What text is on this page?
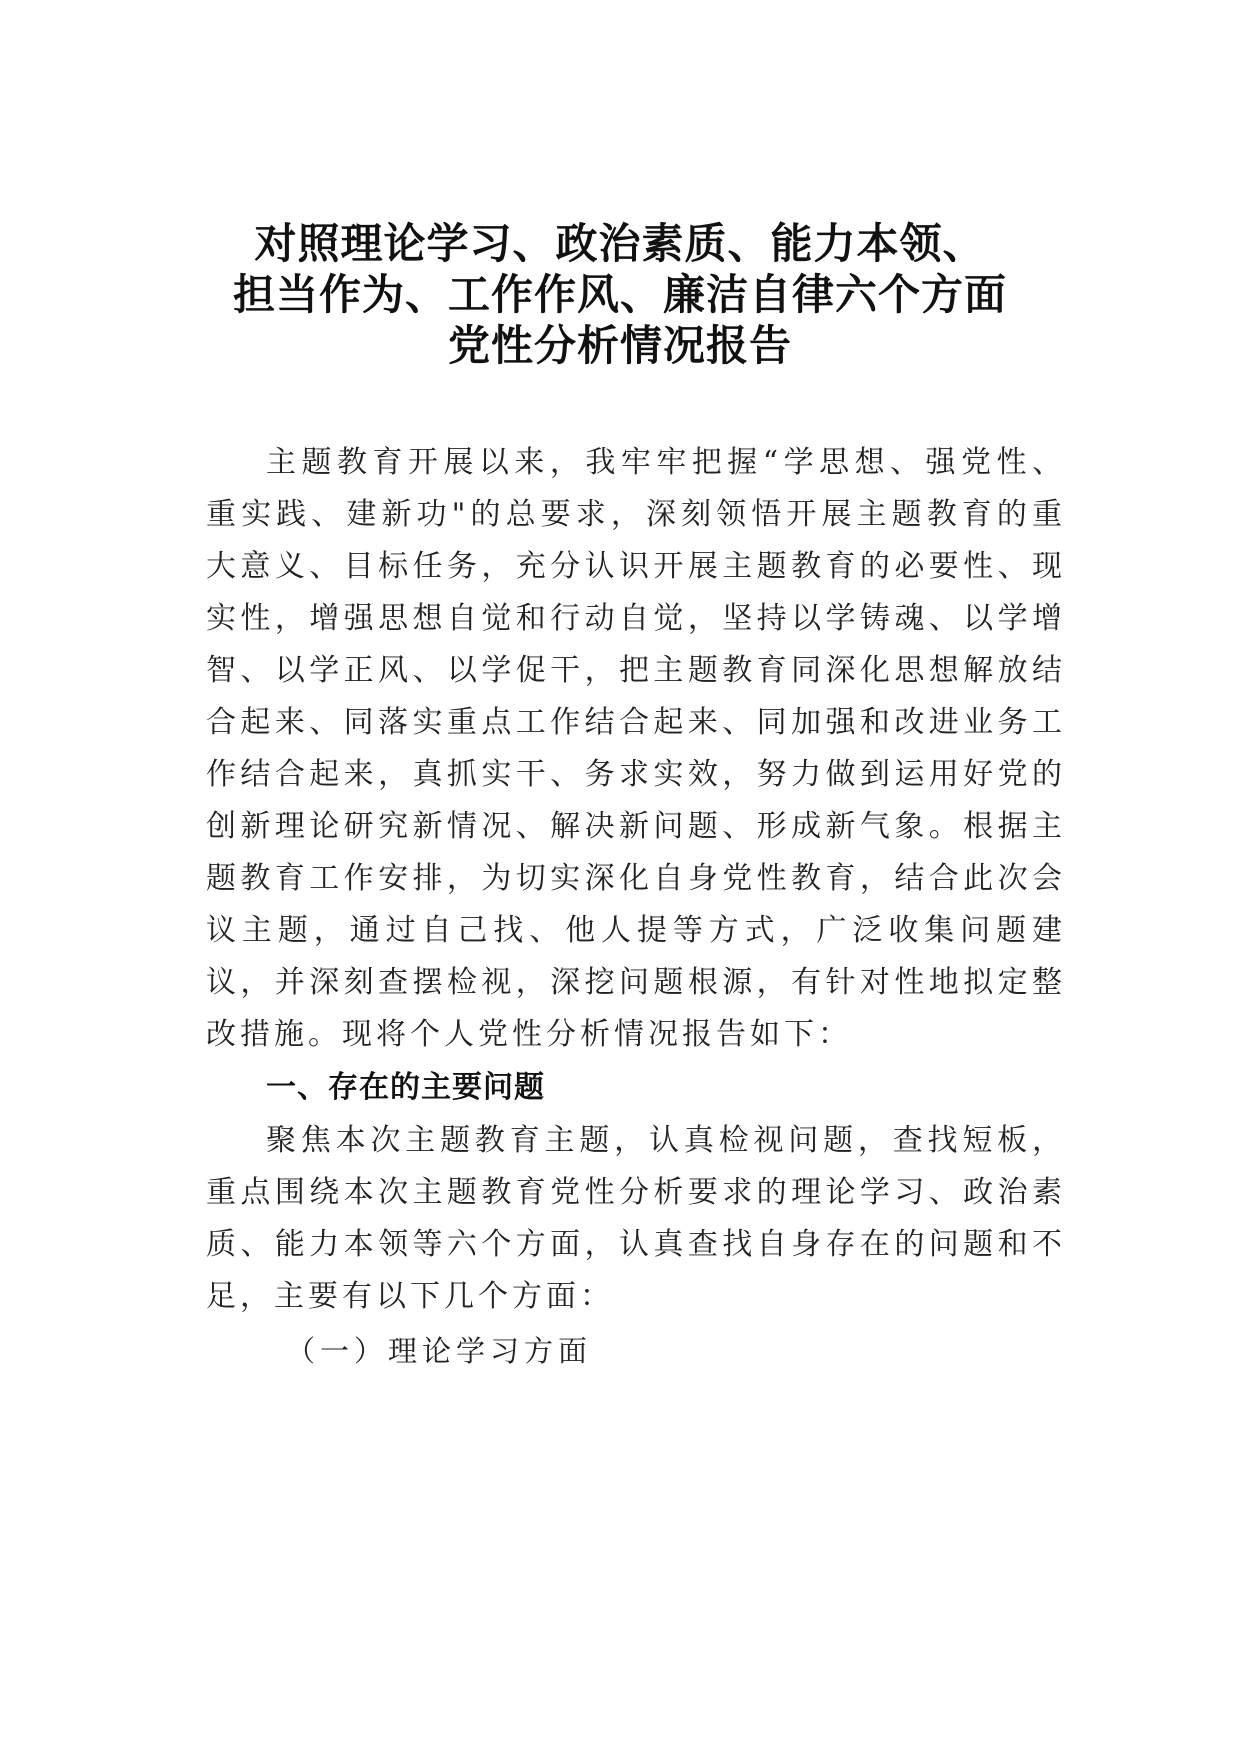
对照理论学习、政治素质、能力本领、
担当作为、工作作风、廉洁自律六个方面
党性分析情况报告

主题教育开展以来，我牢牢把握“学思想、强党性、重实践、建新功"的总要求，深刻领悟开展主题教育的重大意义、目标任务，充分认识开展主题教育的必要性、现实性，增强思想自觉和行动自觉，坚持以学铸魂、以学增智、以学正风、以学促干，把主题教育同深化思想解放结合起来、同落实重点工作结合起来、同加强和改进业务工作结合起来，真抓实干、务求实效，努力做到运用好党的创新理论研究新情况、解决新问题、形成新气象。根据主题教育工作安排，为切实深化自身党性教育，结合此次会议主题，通过自己找、他人提等方式，广泛收集问题建议，并深刻查摆检视，深挖问题根源，有针对性地拟定整改措施。现将个人党性分析情况报告如下：

一、存在的主要问题

聚焦本次主题教育主题，认真检视问题，查找短板，重点围绕本次主题教育党性分析要求的理论学习、政治素质、能力本领等六个方面，认真查找自身存在的问题和不足，主要有以下几个方面：

（一）理论学习方面
